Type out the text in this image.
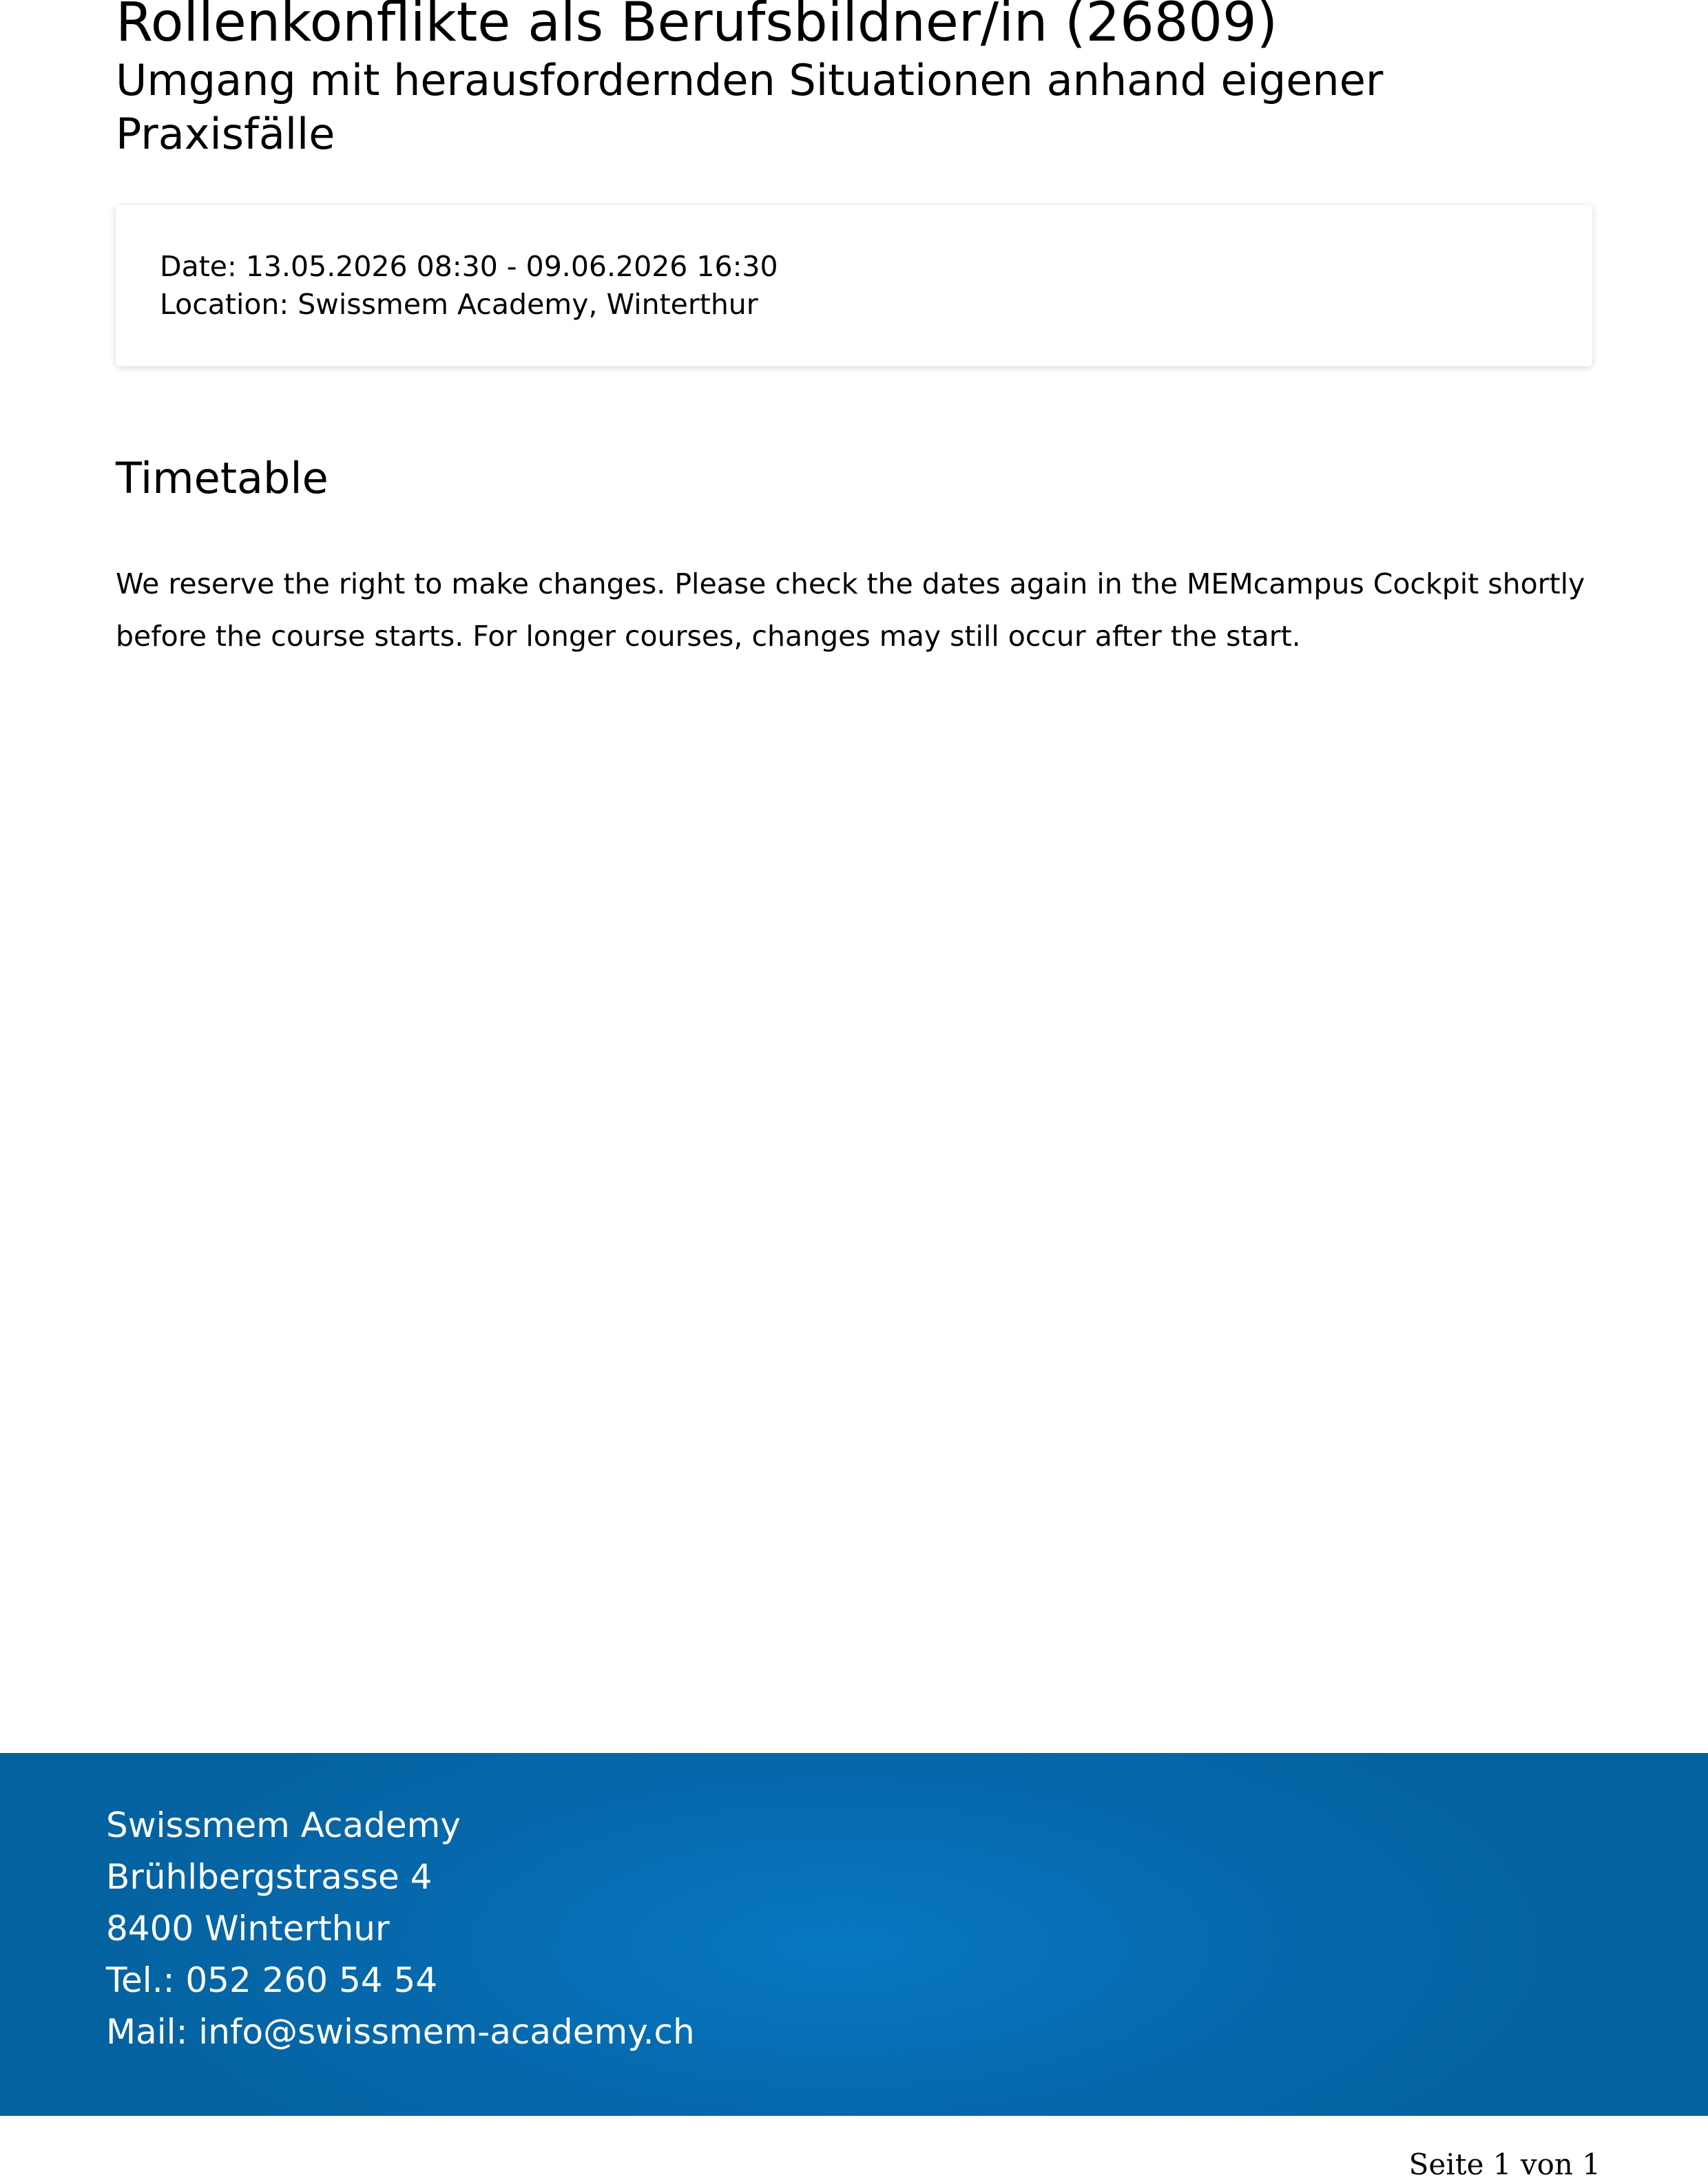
Rollenkonflikte als Berufsbildner/in (26809)
Umgang mit herausfordernden Situationen anhand eigener Praxisfälle
Date: 13.05.2026 08:30 - 09.06.2026 16:30
Location: Swissmem Academy, Winterthur
Timetable

We reserve the right to make changes. Please check the dates again in the MEMcampus Cockpit shortly before the course starts. For longer courses, changes may still occur after the start.

Swissmem Academy
Brühlbergstrasse 4
8400 Winterthur
Tel.: 052 260 54 54
Mail: info@swissmem-academy.ch
Seite 1 von 1
